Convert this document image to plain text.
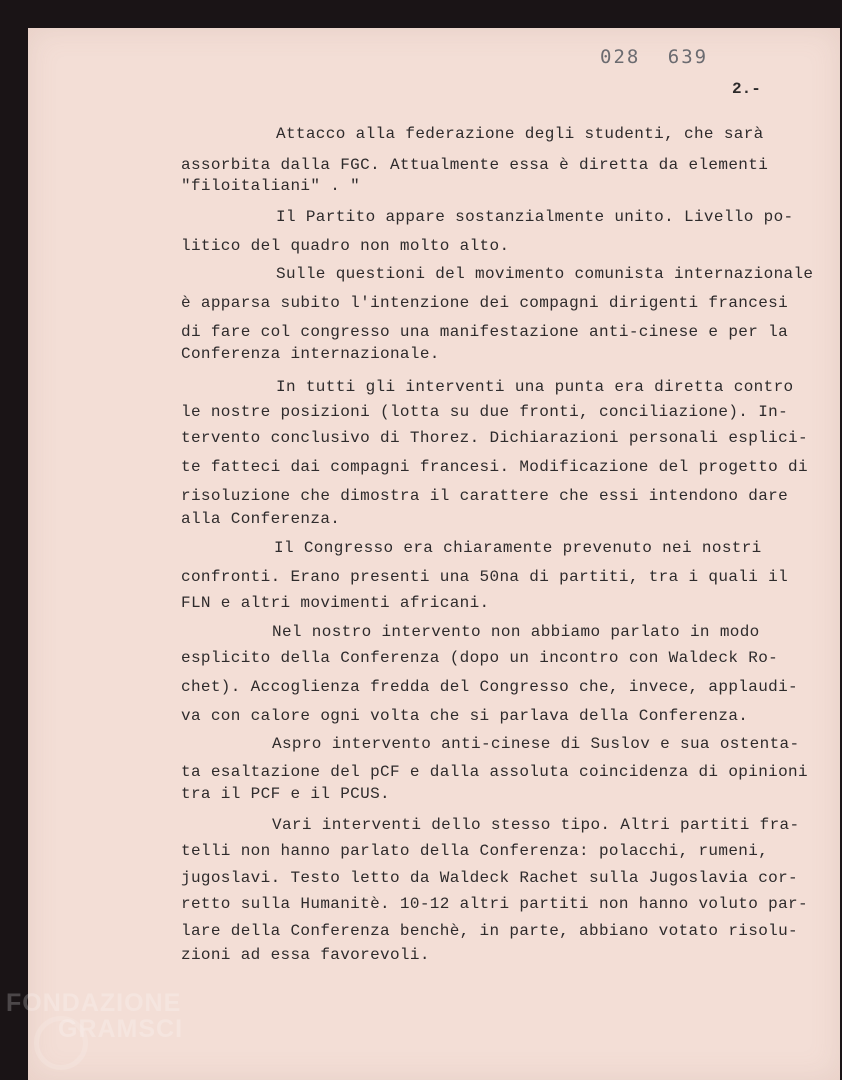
028 639
2.-
Attacco alla federazione degli studenti, che sarà
assorbita dalla FGC. Attualmente essa è diretta da elementi
"filoitaliani" . "
Il Partito appare sostanzialmente unito. Livello po-
litico del quadro non molto alto.
Sulle questioni del movimento comunista internazionale
è apparsa subito l'intenzione dei compagni dirigenti francesi
di fare col congresso una manifestazione anti-cinese e per la
Conferenza internazionale.
In tutti gli interventi una punta era diretta contro
le nostre posizioni (lotta su due fronti, conciliazione). In-
tervento conclusivo di Thorez. Dichiarazioni personali esplici-
te fatteci dai compagni francesi. Modificazione del progetto di
risoluzione che dimostra il carattere che essi intendono dare
alla Conferenza.
Il Congresso era chiaramente prevenuto nei nostri
confronti. Erano presenti una 50na di partiti, tra i quali il
FLN e altri movimenti africani.
Nel nostro intervento non abbiamo parlato in modo
esplicito della Conferenza (dopo un incontro con Waldeck Ro-
chet). Accoglienza fredda del Congresso che, invece, applaudi-
va con calore ogni volta che si parlava della Conferenza.
Aspro intervento anti-cinese di Suslov e sua ostenta-
ta esaltazione del pCF e dalla assoluta coincidenza di opinioni
tra il PCF e il PCUS.
Vari interventi dello stesso tipo. Altri partiti fra-
telli non hanno parlato della Conferenza: polacchi, rumeni,
jugoslavi. Testo letto da Waldeck Rachet sulla Jugoslavia cor-
retto sulla Humanitè. 10-12 altri partiti non hanno voluto par-
lare della Conferenza benchè, in parte, abbiano votato risolu-
zioni ad essa favorevoli.
FONDAZIONE
GRAMSCI
